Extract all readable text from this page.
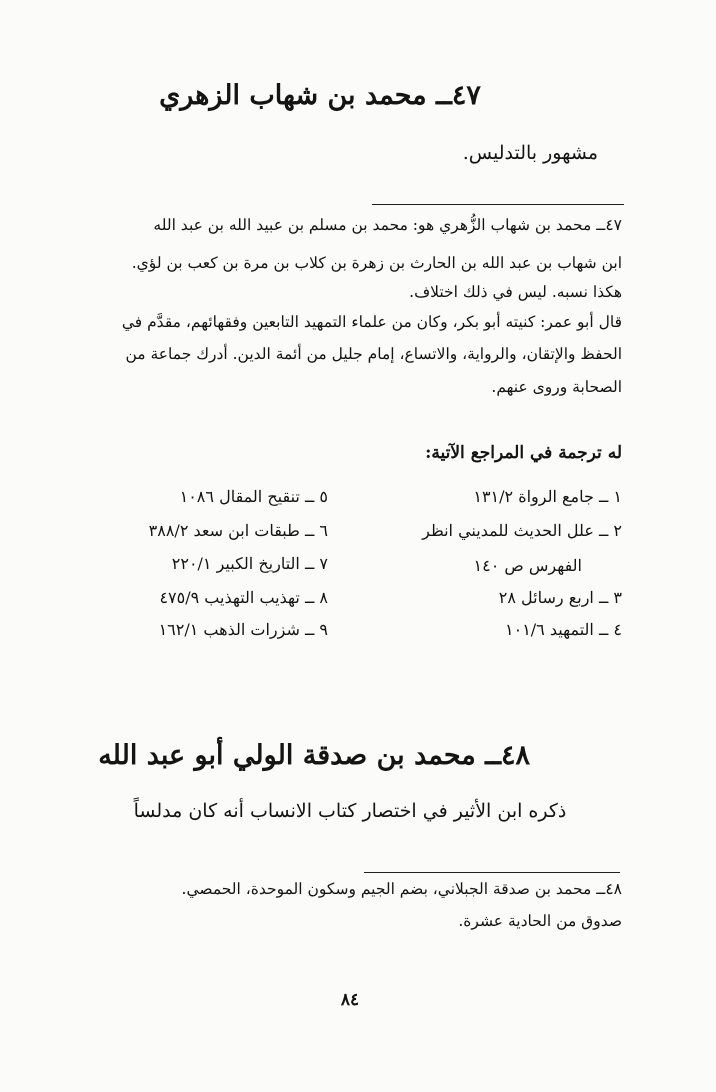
٤٧ــ محمد بن شهاب الزهري
مشهور بالتدليس.
٤٧ــ محمد بن شهاب الزُّهري هو: محمد بن مسلم بن عبيد الله بن عبد الله
ابن شهاب بن عبد الله بن الحارث بن زهرة بن كلاب بن مرة بن كعب بن لؤي.
هكذا نسبه. ليس في ذلك اختلاف.
قال أبو عمر: كنيته أبو بكر، وكان من علماء التمهيد التابعين وفقهائهم، مقدَّم في
الحفظ والإتقان، والرواية، والاتساع، إمام جليل من أئمة الدين. أدرك جماعة من
الصحابة وروى عنهم.
له ترجمة في المراجع الآتية:
١ ــ جامع الرواة ١٣١/٢
٢ ــ علل الحديث للمديني انظر
الفهرس ص ١٤٠
٣ ــ اربع رسائل ٢٨
٤ ــ التمهيد ١٠١/٦
٥ ــ تنقيح المقال ١٠٨٦
٦ ــ طبقات ابن سعد ٣٨٨/٢
٧ ــ التاريخ الكبير ٢٢٠/١
٨ ــ تهذيب التهذيب ٤٧٥/٩
٩ ــ شزرات الذهب ١٦٢/١
٤٨ــ محمد بن صدقة الولي أبو عبد الله
ذكره ابن الأثير في اختصار كتاب الانساب أنه كان مدلساً
٤٨ــ محمد بن صدقة الجبلاني، بضم الجيم وسكون الموحدة، الحمصي.
صدوق من الحادية عشرة.
٨٤
